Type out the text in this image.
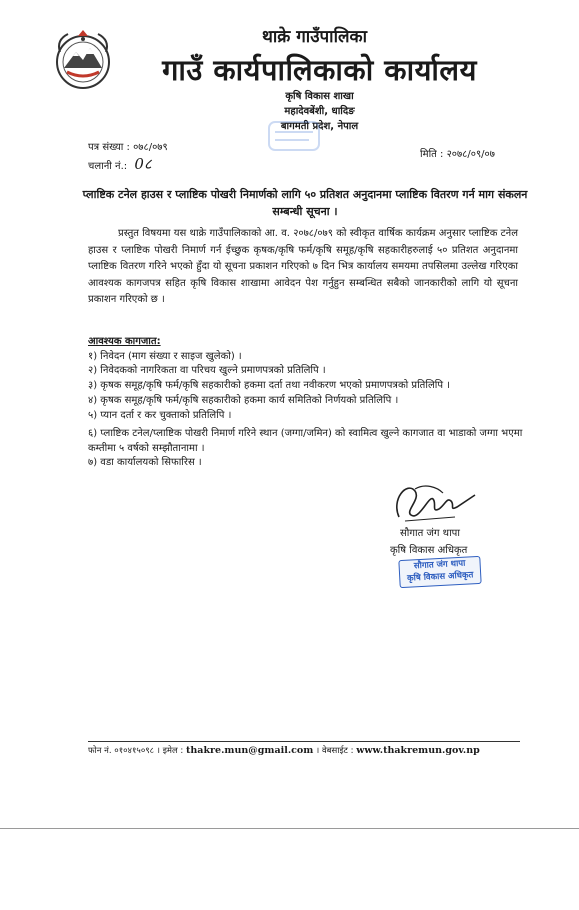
थाक्रे गाउँपालिका
गाउँ कार्यपालिकाको कार्यालय
कृषि विकास शाखा
महादेवबेंशी, धादिङ
बागमती प्रदेश, नेपाल
पत्र संख्या : ०७८/०७९
चलानी नं.: 0८
मिति : २०७८/०९/०७
प्लाष्टिक टनेल हाउस र प्लाष्टिक पोखरी निमार्णको लागि ५० प्रतिशत अनुदानमा प्लाष्टिक वितरण गर्न माग संकलन सम्बन्धी सूचना ।
प्रस्तुत विषयमा यस थाक्रे गाउँपालिकाको आ. व. २०७८/०७९ को स्वीकृत वार्षिक कार्यक्रम अनुसार प्लाष्टिक टनेल हाउस र प्लाष्टिक पोखरी निमार्ण गर्न ईच्छुक कृषक/कृषि फर्म/कृषि समूह/कृषि सहकारीहरुलाई ५० प्रतिशत अनुदानमा प्लाष्टिक वितरण गरिने भएको हुँदा यो सूचना प्रकाशन गरिएको ७ दिन भित्र कार्यालय समयमा तपसिलमा उल्लेख गरिएका आवश्यक कागजपत्र सहित कृषि विकास शाखामा आवेदन पेश गर्नुहुन सम्बन्धित सबैको जानकारीको लागि यो सूचना प्रकाशन गरिएको छ ।
आवश्यक कागजात:
१) निवेदन (माग संख्या र साइज खुलेको) ।
२) निवेदकको नागरिकता वा परिचय खुल्ने प्रमाणपत्रको प्रतिलिपि ।
३) कृषक समूह/कृषि फर्म/कृषि सहकारीको हकमा दर्ता तथा नवीकरण भएको प्रमाणपत्रको प्रतिलिपि ।
४) कृषक समूह/कृषि फर्म/कृषि सहकारीको हकमा कार्य समितिको निर्णयको प्रतिलिपि ।
५) प्यान दर्ता र कर चुक्ताको प्रतिलिपि ।
६) प्लाष्टिक टनेल/प्लाष्टिक पोखरी निमार्ण गरिने स्थान (जग्गा/जमिन) को स्वामित्व खुल्ने कागजात वा भाडाको जग्गा भएमा कम्तीमा ५ वर्षको सम्झौतानामा ।
७) वडा कार्यालयको सिफारिस ।
सौगात जंग थापा
कृषि विकास अधिकृत
सौगात जंग थापा
कृषि विकास अधिकृत
फोन नं. ०१०४१५०९८ । इमेल : thakre.mun@gmail.com । वेबसाईट : www.thakremun.gov.np
